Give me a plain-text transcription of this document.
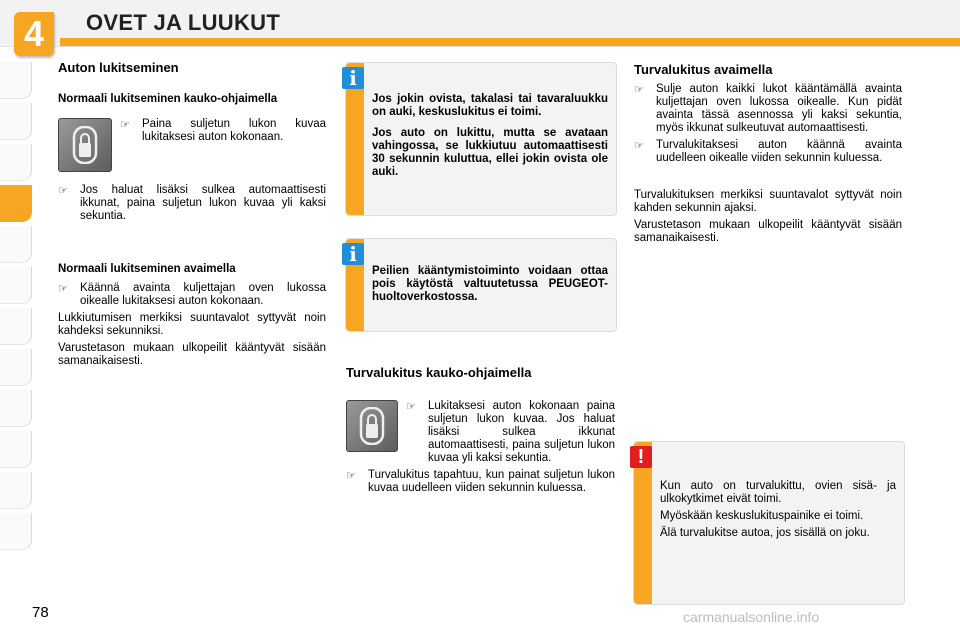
4 OVET JA LUUKUT
Auton lukitseminen
Normaali lukitseminen kauko-ohjaimella
☞	Paina suljetun lukon kuvaa lukitaksesi auton kokonaan.
☞	Jos haluat lisäksi sulkea automaattisesti ikkunat, paina suljetun lukon kuvaa yli kaksi sekuntia.
Normaali lukitseminen avaimella
☞	Käännä avainta kuljettajan oven lukossa oikealle lukitaksesi auton kokonaan.

Lukkiutumisen merkiksi suuntavalot syttyvät noin kahdeksi sekunniksi.

Varustetason mukaan ulkopeilit kääntyvät sisään samanaikaisesti.

i

Jos jokin ovista, takalasi tai tavaraluukku on auki, keskuslukitus ei toimi.

Jos auto on lukittu, mutta se avataan vahingossa, se lukkiutuu automaattisesti 30 sekunnin kuluttua, ellei jokin ovista ole auki.

i

Peilien kääntymistoiminto voidaan ottaa pois käytöstä valtuutetussa PEUGEOT-huoltoverkostossa.

Turvalukitus kauko-ohjaimella
☞	Lukitaksesi auton kokonaan paina suljetun lukon kuvaa. Jos haluat lisäksi sulkea ikkunat automaattisesti, paina suljetun lukon kuvaa yli kaksi sekuntia.
☞	Turvalukitus tapahtuu, kun painat suljetun lukon kuvaa uudelleen viiden sekunnin kuluessa.
Turvalukitus avaimella
☞	Sulje auton kaikki lukot kääntämällä avainta kuljettajan oven lukossa oikealle. Kun pidät avainta tässä asennossa yli kaksi sekuntia, myös ikkunat sulkeutuvat automaattisesti.
☞	Turvalukitaksesi auton käännä avainta uudelleen oikealle viiden sekunnin kuluessa.

Turvalukituksen merkiksi suuntavalot syttyvät noin kahden sekunnin ajaksi.

Varustetason mukaan ulkopeilit kääntyvät sisään samanaikaisesti.

!

Kun auto on turvalukittu, ovien sisä- ja ulkokytkimet eivät toimi.

Myöskään keskuslukituspainike ei toimi.

Älä turvalukitse autoa, jos sisällä on joku.

78	carmanualsonline.info
